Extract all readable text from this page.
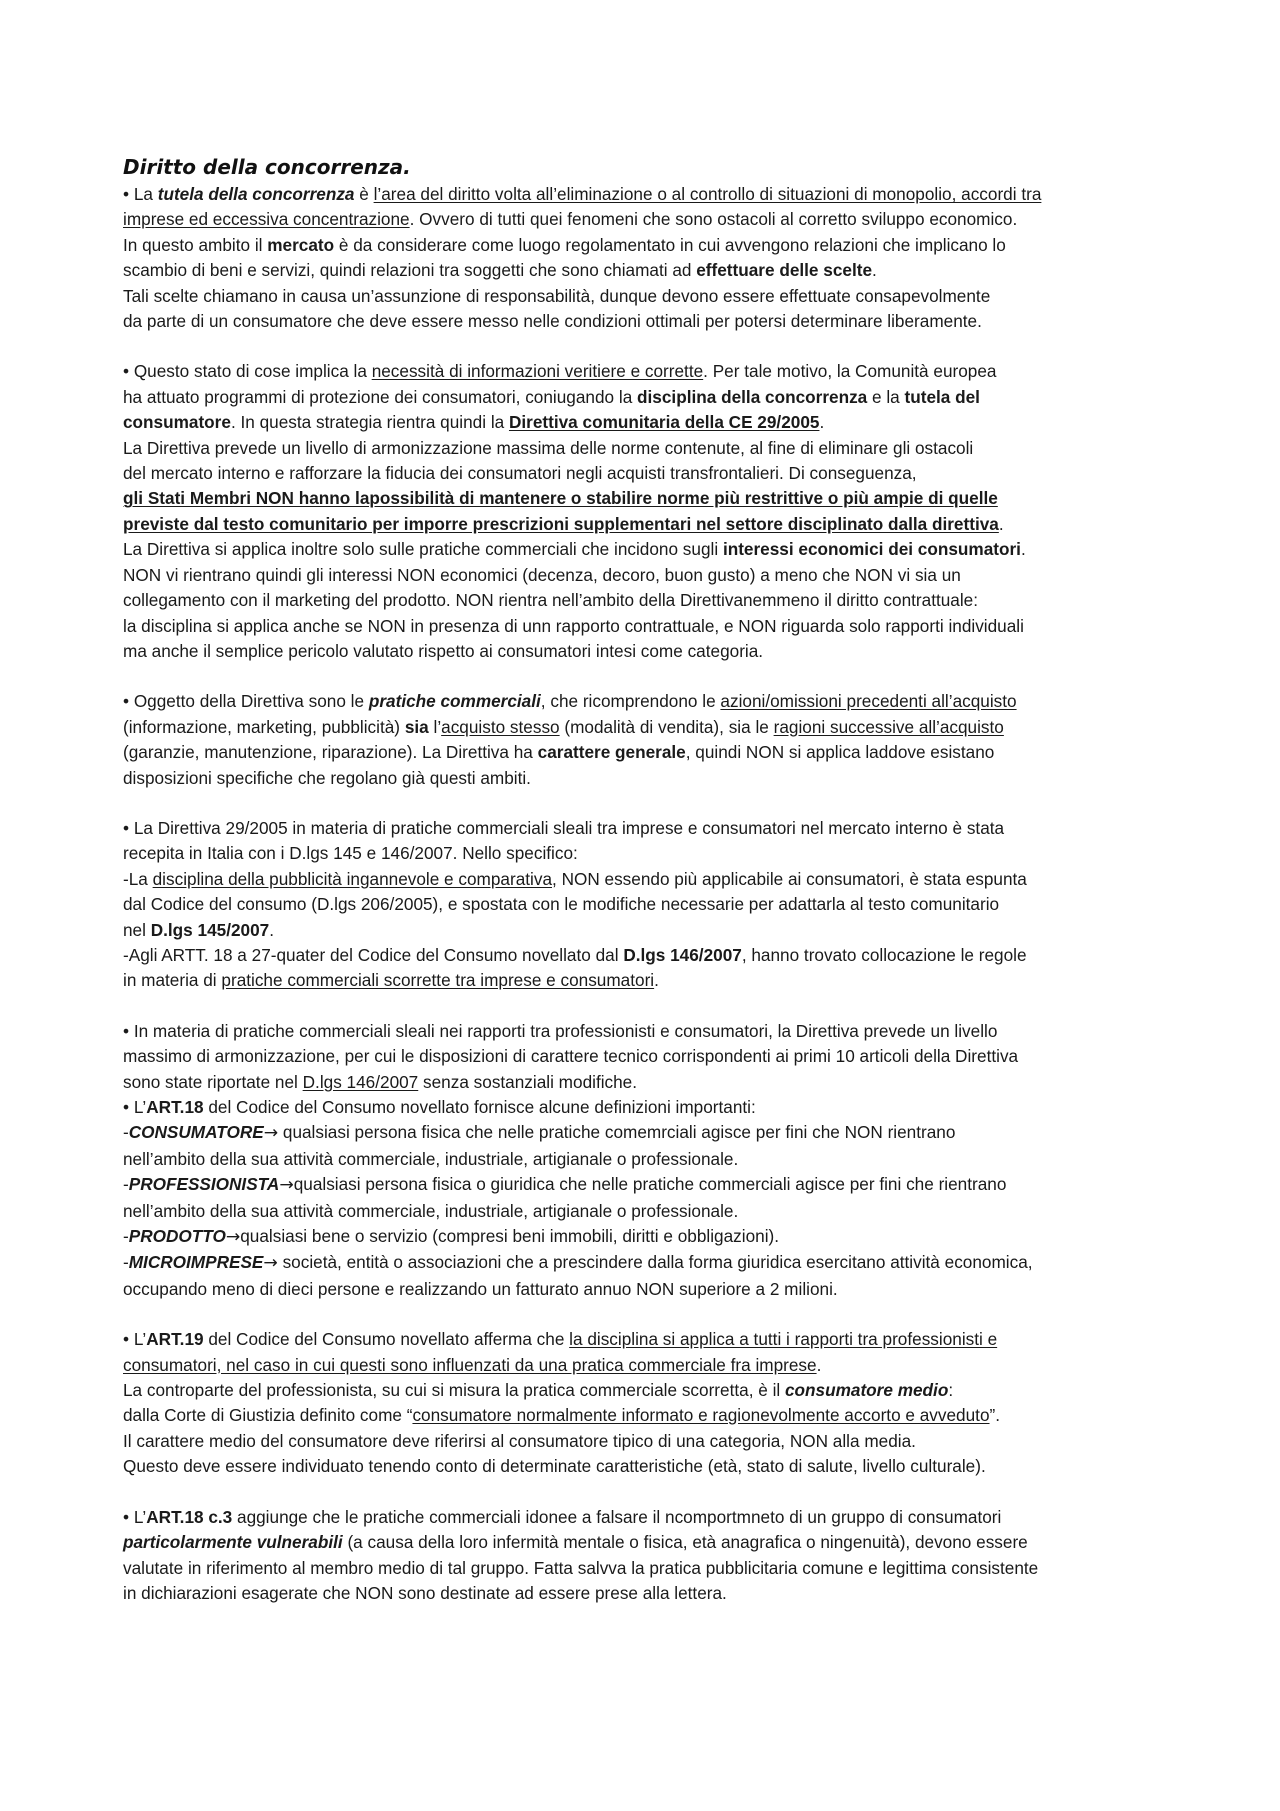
Diritto della concorrenza.
• La tutela della concorrenza è l’area del diritto volta all’eliminazione o al controllo di situazioni di monopolio, accordi tra
imprese ed eccessiva concentrazione. Ovvero di tutti quei fenomeni che sono ostacoli al corretto sviluppo economico.
In questo ambito il mercato è da considerare come luogo regolamentato in cui avvengono relazioni che implicano lo
scambio di beni e servizi, quindi relazioni tra soggetti che sono chiamati ad effettuare delle scelte.
Tali scelte chiamano in causa un’assunzione di responsabilità, dunque devono essere effettuate consapevolmente
da parte di un consumatore che deve essere messo nelle condizioni ottimali per potersi determinare liberamente.
• Questo stato di cose implica la necessità di informazioni veritiere e corrette. Per tale motivo, la Comunità europea
ha attuato programmi di protezione dei consumatori, coniugando la disciplina della concorrenza e la tutela del
consumatore. In questa strategia rientra quindi la Direttiva comunitaria della CE 29/2005.
La Direttiva prevede un livello di armonizzazione massima delle norme contenute, al fine di eliminare gli ostacoli
del mercato interno e rafforzare la fiducia dei consumatori negli acquisti transfrontalieri. Di conseguenza,
gli Stati Membri NON hanno lapossibilità di mantenere o stabilire norme più restrittive o più ampie di quelle
previste dal testo comunitario per imporre prescrizioni supplementari nel settore disciplinato dalla direttiva.
La Direttiva si applica inoltre solo sulle pratiche commerciali che incidono sugli interessi economici dei consumatori.
NON vi rientrano quindi gli interessi NON economici (decenza, decoro, buon gusto) a meno che NON vi sia un
collegamento con il marketing del prodotto. NON rientra nell’ambito della Direttivanemmeno il diritto contrattuale:
la disciplina si applica anche se NON in presenza di unn rapporto contrattuale, e NON riguarda solo rapporti individuali
ma anche il semplice pericolo valutato rispetto ai consumatori intesi come categoria.
• Oggetto della Direttiva sono le pratiche commerciali, che ricomprendono le azioni/omissioni precedenti all’acquisto
(informazione, marketing, pubblicità) sia l’acquisto stesso (modalità di vendita), sia le ragioni successive all’acquisto
(garanzie, manutenzione, riparazione). La Direttiva ha carattere generale, quindi NON si applica laddove esistano
disposizioni specifiche che regolano già questi ambiti.
• La Direttiva 29/2005 in materia di pratiche commerciali sleali tra imprese e consumatori nel mercato interno è stata
recepita in Italia con i D.lgs 145 e 146/2007. Nello specifico:
-La disciplina della pubblicità ingannevole e comparativa, NON essendo più applicabile ai consumatori, è stata espunta
dal Codice del consumo (D.lgs 206/2005), e spostata con le modifiche necessarie per adattarla al testo comunitario
nel D.lgs 145/2007.
-Agli ARTT. 18 a 27-quater del Codice del Consumo novellato dal D.lgs 146/2007, hanno trovato collocazione le regole
in materia di pratiche commerciali scorrette tra imprese e consumatori.
• In materia di pratiche commerciali sleali nei rapporti tra professionisti e consumatori, la Direttiva prevede un livello
massimo di armonizzazione, per cui le disposizioni di carattere tecnico corrispondenti ai primi 10 articoli della Direttiva
sono state riportate nel D.lgs 146/2007 senza sostanziali modifiche.
• L’ART.18 del Codice del Consumo novellato fornisce alcune definizioni importanti:
-CONSUMATORE→ qualsiasi persona fisica che nelle pratiche comemrciali agisce per fini che NON rientrano
nell’ambito della sua attività commerciale, industriale, artigianale o professionale.
-PROFESSIONISTA→qualsiasi persona fisica o giuridica che nelle pratiche commerciali agisce per fini che rientrano
nell’ambito della sua attività commerciale, industriale, artigianale o professionale.
-PRODOTTO→qualsiasi bene o servizio (compresi beni immobili, diritti e obbligazioni).
-MICROIMPRESE→ società, entità o associazioni che a prescindere dalla forma giuridica esercitano attività economica,
occupando meno di dieci persone e realizzando un fatturato annuo NON superiore a 2 milioni.
• L’ART.19 del Codice del Consumo novellato afferma che la disciplina si applica a tutti i rapporti tra professionisti e
consumatori, nel caso in cui questi sono influenzati da una pratica commerciale fra imprese.
La controparte del professionista, su cui si misura la pratica commerciale scorretta, è il consumatore medio:
dalla Corte di Giustizia definito come “consumatore normalmente informato e ragionevolmente accorto e avveduto”.
Il carattere medio del consumatore deve riferirsi al consumatore tipico di una categoria, NON alla media.
Questo deve essere individuato tenendo conto di determinate caratteristiche (età, stato di salute, livello culturale).
• L’ART.18 c.3 aggiunge che le pratiche commerciali idonee a falsare il ncomportmneto di un gruppo di consumatori
particolarmente vulnerabili (a causa della loro infermità mentale o fisica, età anagrafica o ningenuità), devono essere
valutate in riferimento al membro medio di tal gruppo. Fatta salvva la pratica pubblicitaria comune e legittima consistente
in dichiarazioni esagerate che NON sono destinate ad essere prese alla lettera.
